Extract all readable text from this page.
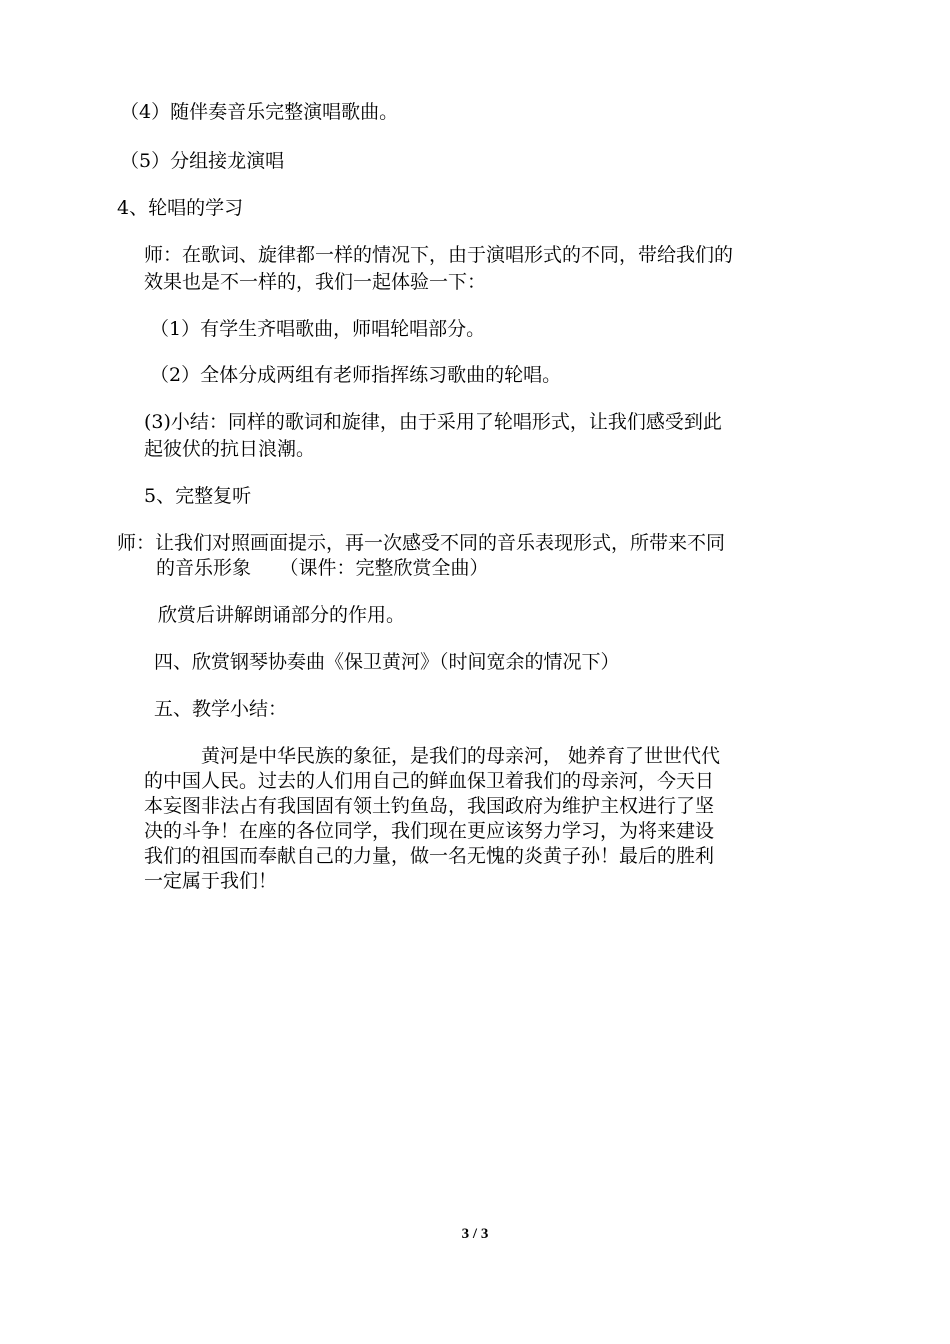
（4）随伴奏音乐完整演唱歌曲。
（5）分组接龙演唱
4、轮唱的学习
师：在歌词、旋律都一样的情况下，由于演唱形式的不同，带给我们的
效果也是不一样的，我们一起体验一下：
（1）有学生齐唱歌曲，师唱轮唱部分。
（2）全体分成两组有老师指挥练习歌曲的轮唱。
(3)小结：同样的歌词和旋律，由于采用了轮唱形式，让我们感受到此
起彼伏的抗日浪潮。
5、完整复听
师：让我们对照画面提示，再一次感受不同的音乐表现形式，所带来不同
的音乐形象　　（课件：完整欣赏全曲）
欣赏后讲解朗诵部分的作用。
四、欣赏钢琴协奏曲《保卫黄河》（时间宽余的情况下）
五、教学小结：
黄河是中华民族的象征，是我们的母亲河， 她养育了世世代代
的中国人民。过去的人们用自己的鲜血保卫着我们的母亲河，今天日
本妄图非法占有我国固有领土钓鱼岛，我国政府为维护主权进行了坚
决的斗争！在座的各位同学，我们现在更应该努力学习，为将来建设
我们的祖国而奉献自己的力量，做一名无愧的炎黄子孙！最后的胜利
一定属于我们！
3 / 3
